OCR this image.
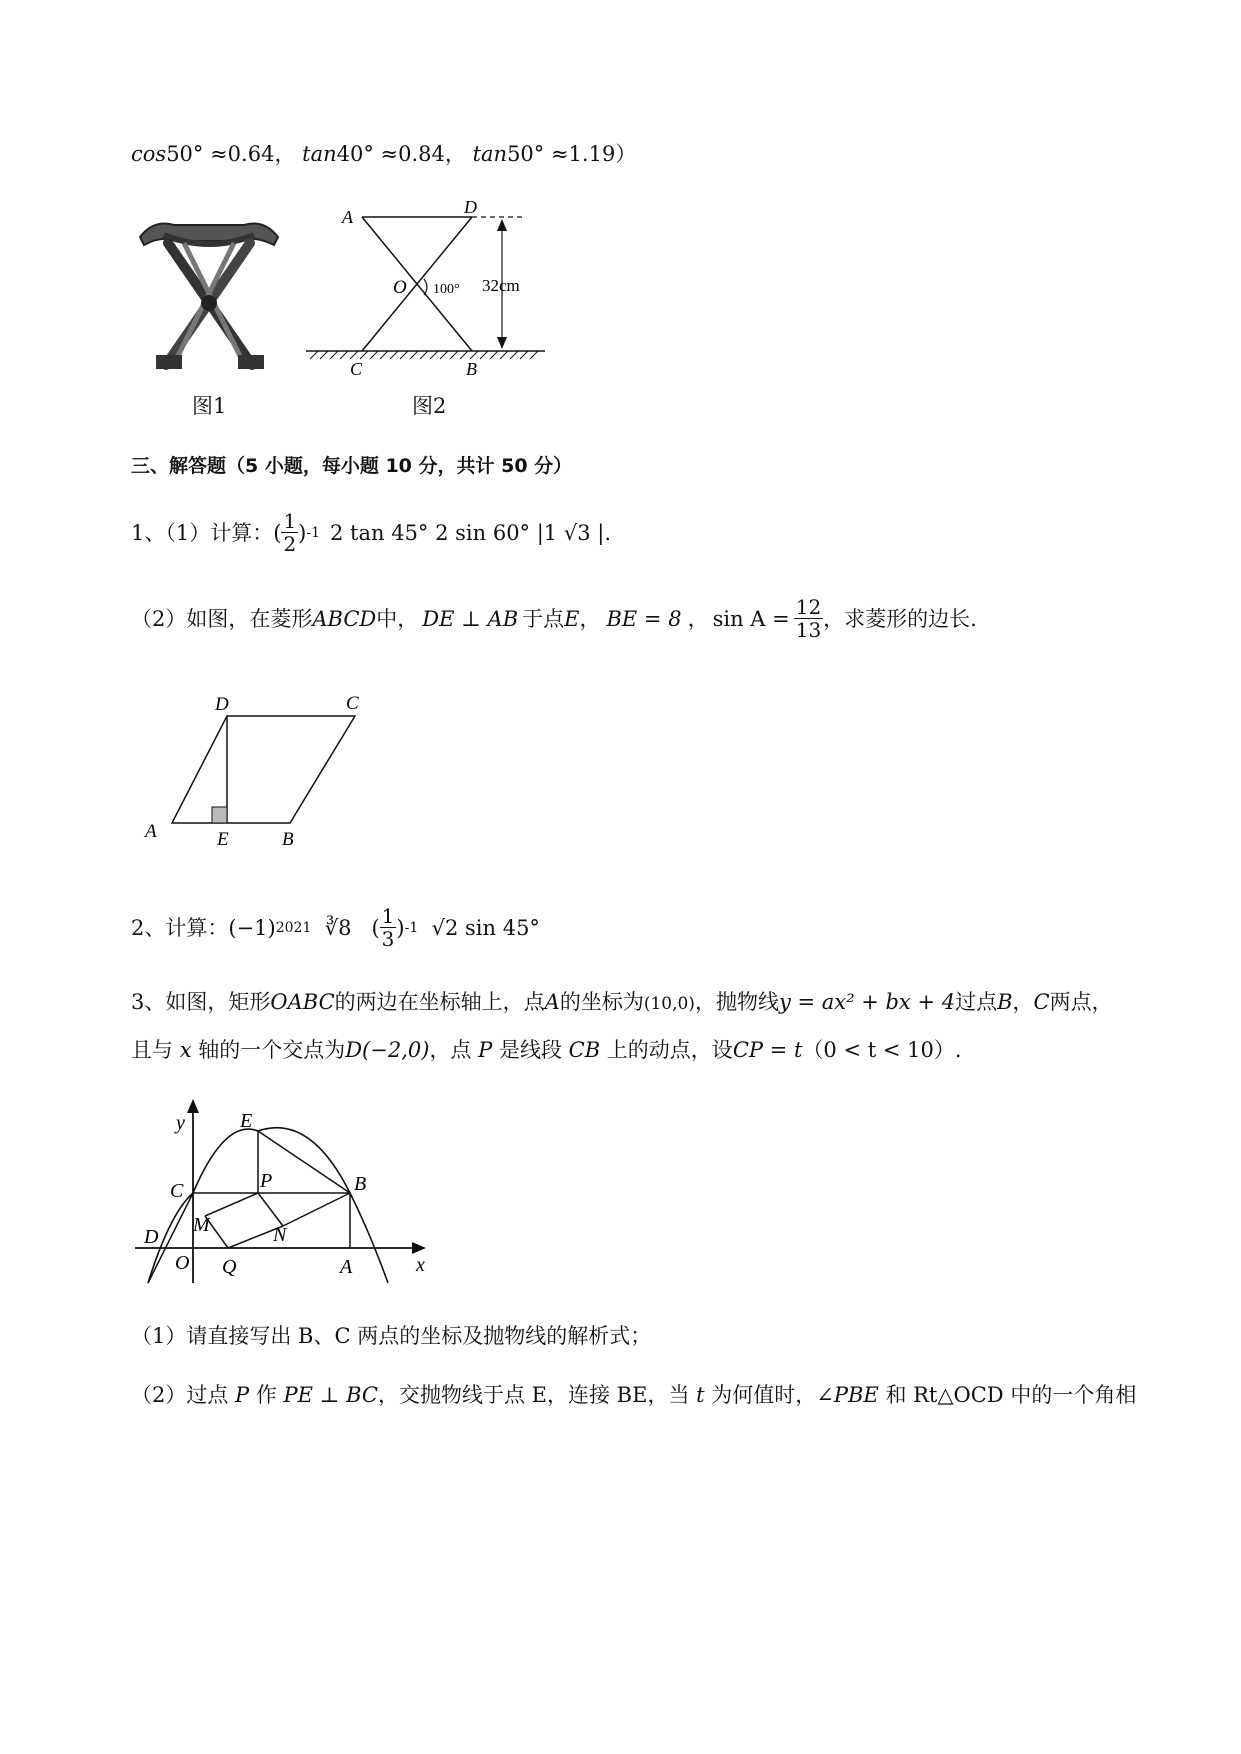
cos50° ≈0.64， tan40° ≈0.84， tan50° ≈1.19）
图1
A	D
O 100° 32cm
C	B
图2
三、解答题（5 小题，每小题 10 分，共计 50 分）
1、（1）计算： ( $\frac{1}{2}$ ) -1 2 tan 45° 2 sin 60° |1 √3 |.
（2）如图，在菱形 ABCD 中， DE ⊥ AB 于点 E ， BE = 8 ， $\sin A = \frac{12}{13}$ ，求菱形的边长.
D	C
A	E	B
2、计算： (−1) 2021 ∛8   ( $\frac{1}{3}$ ) -1 √2 sin 45°
3、如图，矩形OABC的两边在坐标轴上，点A的坐标为(10,0)，抛物线y = ax² + bx + 4过点B，C两点，
且与 x 轴的一个交点为D(−2,0)，点 P 是线段 CB 上的动点，设CP = t（0 < t < 10）.
y	E
C	P	B
D
M	N
O Q	A	x
（1）请直接写出 B、C 两点的坐标及抛物线的解析式；
（2）过点 P 作 PE ⊥ BC，交抛物线于点 E，连接 BE，当 t 为何值时，∠PBE 和 Rt△OCD 中的一个角相
